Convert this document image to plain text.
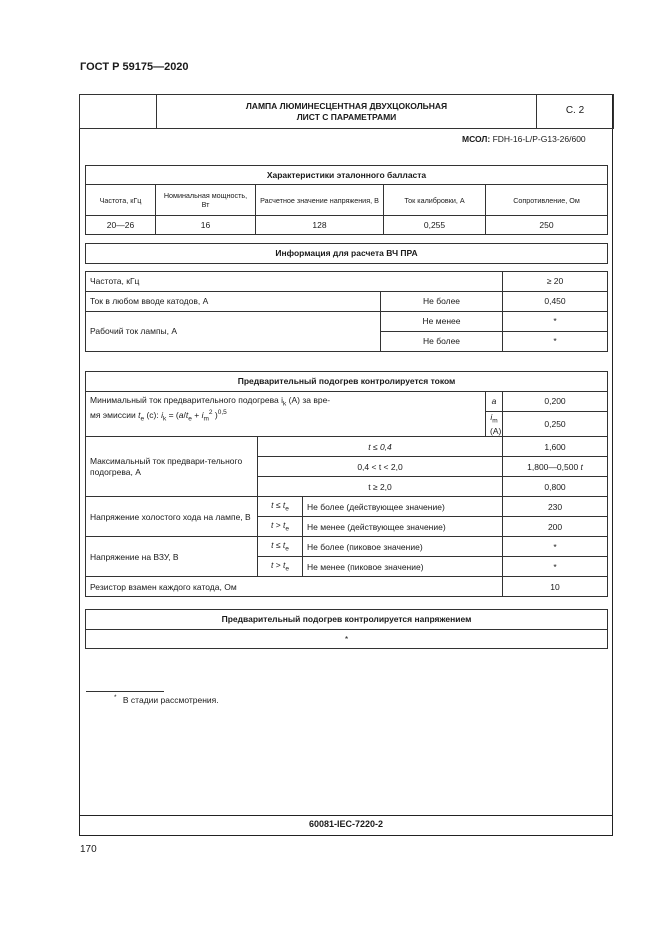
ГОСТ Р 59175—2020

ЛАМПА ЛЮМИНЕСЦЕНТНАЯ ДВУХЦОКОЛЬНАЯ
ЛИСТ С ПАРАМЕТРАМИ
	С. 2
МСОЛ: FDH-16-L/P-G13-26/600
Характеристики эталонного балласта				
Частота, кГц	Номинальная мощность, Вт	Расчетное значение напряжения, В	Ток калибровки, А	Сопротивление, Ом
20—26	16	128	0,255	250
Информация для расчета ВЧ ПРА		

Частота, кГц		≥ 20
Ток в любом вводе катодов, А	Не более	0,450
Рабочий ток лампы, А	Не менее	*
	Не более	*
Предварительный подогрев контролируется током				
Минимальный ток предварительного подогрева $i_k$ (A) за вре-
мя эмиссии $t_e$ (c): $i_k = (a/t_e + i_m^2$ )$^{0,5}$			a	0,200
			$i_m$ (A)	0,250
Максимальный ток предвари-тельного подогрева, А	t ≤ 0,4			1,600
	0,4 < t < 2,0			1,800—0,500 t
	t ≥ 2,0			0,800
Напряжение холостого хода на лампе, В	$t \le t_e$	Не более (действующее значение)		230
	$t > t_e$	Не менее (действующее значение)		200
Напряжение на ВЗУ, В	$t \le t_e$	Не более (пиковое значение)		*
	$t > t_e$	Не менее (пиковое значение)		*
Резистор взамен каждого катода, Ом				10
Предварительный подогрев контролируется напряжением
*
* В стадии рассмотрения.
60081-IEC-7220-2
170
